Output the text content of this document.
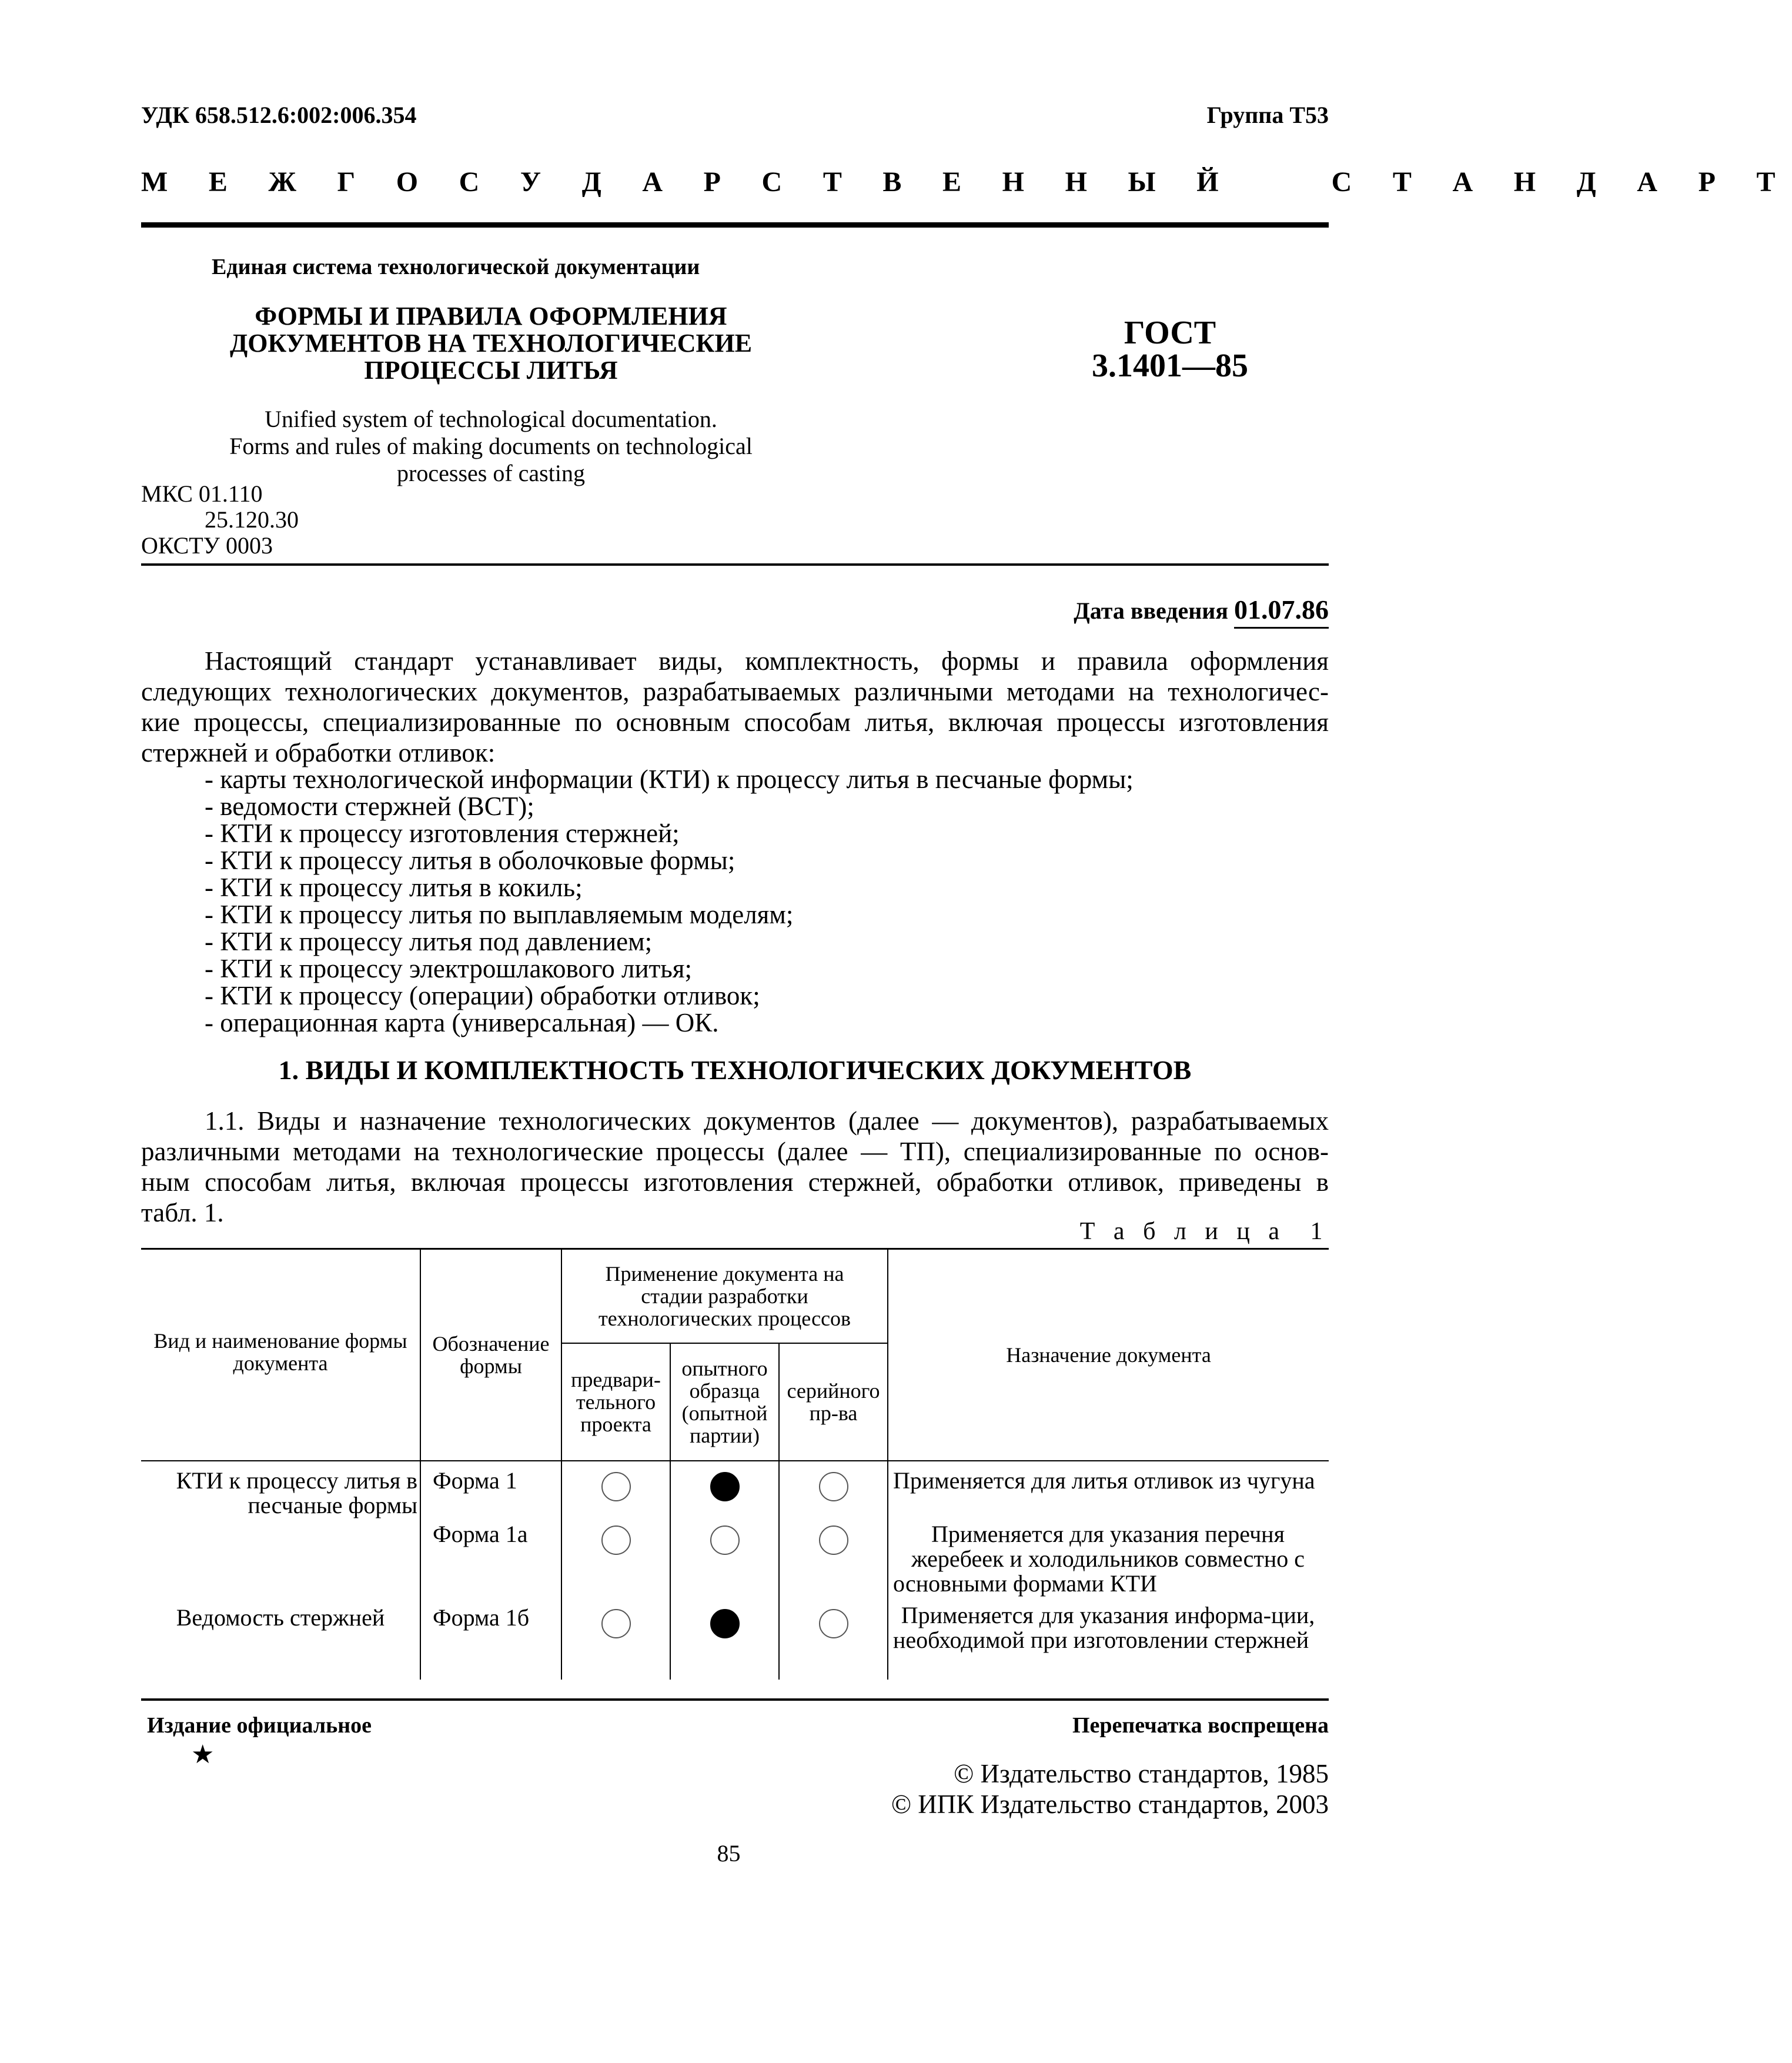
УДК 658.512.6:002:006.354	Группа Т53
М Е Ж Г О С У Д А Р С Т В Е Н Н Ы Й    С Т А Н Д А Р Т
Единая система технологической документации
ФОРМЫ И ПРАВИЛА ОФОРМЛЕНИЯ
ДОКУМЕНТОВ НА ТЕХНОЛОГИЧЕСКИЕ
ПРОЦЕССЫ ЛИТЬЯ
ГОСТ
3.1401—85
Unified system of technological documentation.
Forms and rules of making documents on technological
processes of casting
МКС 01.110
25.120.30
ОКСТУ 0003
Дата введения 01.07.86
Настоящий стандарт устанавливает виды, комплектность, формы и правила оформления
следующих технологических документов, разрабатываемых различными методами на технологичес-
кие процессы, специализированные по основным способам литья, включая процессы изготовления
стержней и обработки отливок:
- карты технологической информации (КТИ) к процессу литья в песчаные формы;
- ведомости стержней (ВСТ);
- КТИ к процессу изготовления стержней;
- КТИ к процессу литья в оболочковые формы;
- КТИ к процессу литья в кокиль;
- КТИ к процессу литья по выплавляемым моделям;
- КТИ к процессу литья под давлением;
- КТИ к процессу электрошлакового литья;
- КТИ к процессу (операции) обработки отливок;
- операционная карта (универсальная) — ОК.
1. ВИДЫ И КОМПЛЕКТНОСТЬ ТЕХНОЛОГИЧЕСКИХ ДОКУМЕНТОВ
1.1. Виды и назначение технологических документов (далее — документов), разрабатываемых
различными методами на технологические процессы (далее — ТП), специализированные по основ-
ным способам литья, включая процессы изготовления стержней, обработки отливок, приведены в
табл. 1.
Т а б л и ц а  1
Вид и наименование формы документа	Обозначение формы	Применение документа на стадии разработки технологических процессов			Назначение документа
		предвари-тельного проекта	опытного образца (опытной партии)	серийного пр-ва	
КТИ к процессу литья в песчаные формы	Форма 1				Применяется для литья отливок из чугуна
	Форма 1а				Применяется для указания перечня жеребеек и холодильников совместно с основными формами КТИ
Ведомость стержней	Форма 1б				Применяется для указания информа-ции, необходимой при изготовлении стержней
Издание официальное
★
Перепечатка воспрещена
© Издательство стандартов, 1985
© ИПК Издательство стандартов, 2003
85
